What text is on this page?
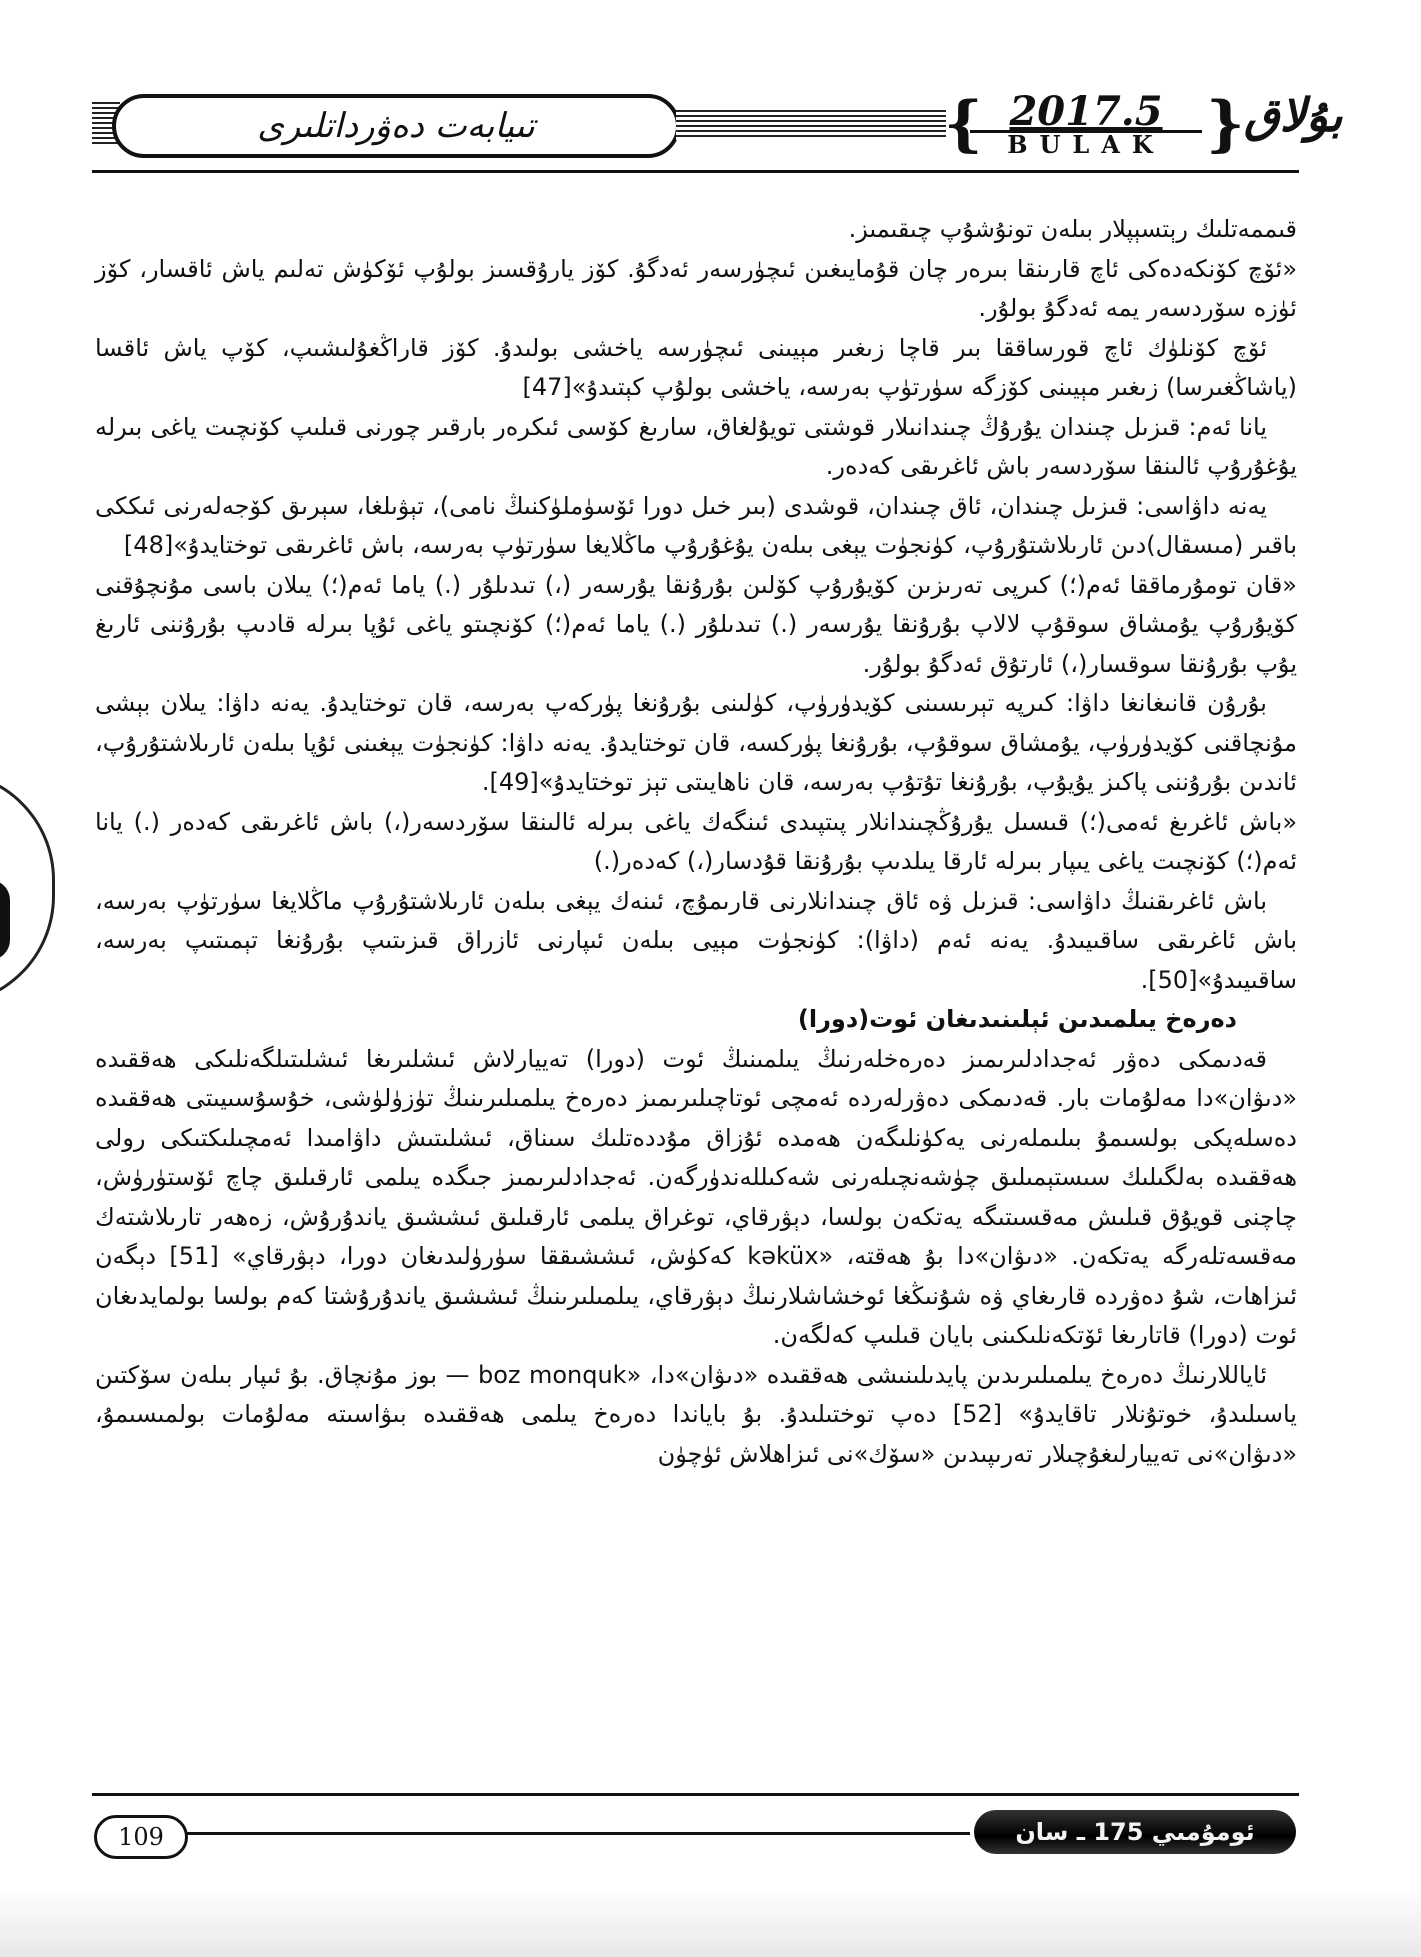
تىيابەت دەۋرداتلىرى	{ 2017.5
BULAK } بۇلاق

قىممەتلىك رېتسېپلار بىلەن تونۇشۇپ چىقىمىز.

«ئۆچ كۆنكەدەكى ئاچ قارىنقا بىرەر چان قۇمايىغىن ئىچۈرسەر ئەدگۇ. كۆز يارۇقسىز بولۇپ ئۆكۈش تەلىم ياش ئاقسار، كۆز ئۈزە سۆردسەر يمە ئەدگۇ بولۇر.

ئۆچ كۆنلۈك ئاچ قورساققا بىر قاچا زىغىر مېيىنى ئىچۈرسە ياخشى بولىدۇ. كۆز قاراڭغۇلىشىپ، كۆپ ياش ئاقسا (ياشاڭغىرسا) زىغىر مېيىنى كۆزگە سۈرتۈپ بەرسە، ياخشى بولۇپ كېتىدۇ»[47]

يانا ئەم: قىزىل چىندان يۇرۇڭ چىندانىلار قوشتى تويۇلغاق، سارىغ كۆسى ئىكرەر بارقىر چورنى قىلىپ كۆنچىت ياغى بىرلە يۇغۇرۇپ ئالىنقا سۆردسەر باش ئاغرىقى كەدەر.

يەنە داۋاسى: قىزىل چىندان، ئاق چىندان، قوشدى (بىر خىل دورا ئۆسۈملۈكنىڭ نامى)، تېۋىلغا، سېرىق كۆجەلەرنى ئىككى باقىر (مىسقال)دىن ئارىلاشتۇرۇپ، كۈنجۈت يېغى بىلەن يۇغۇرۇپ ماڭلايغا سۈرتۈپ بەرسە، باش ئاغرىقى توختايدۇ»[48]

«قان تومۇرماققا ئەم(؛) كىرپى تەرىزىن كۆيۇرۇپ كۆلىن بۇرۇنقا يۇرسەر (،) تىدىلۇر (.) ياما ئەم(؛) يىلان باسى مۇنچۇقنى كۆيۇرۇپ يۇمشاق سوقۇپ لالاپ بۇرۇنقا يۇرسەر (.) تىدىلۇر (.) ياما ئەم(؛) كۆنچىتو ياغى ئۇپا بىرلە قادىپ بۇرۇننى ئارىغ يۇپ بۇرۇنقا سوقسار(،) ئارتۇق ئەدگۇ بولۇر.

بۇرۇن قانىغانغا داۋا: كىرپە تېرىسىنى كۆيدۈرۈپ، كۈلىنى بۇرۇنغا پۈركەپ بەرسە، قان توختايدۇ. يەنە داۋا: يىلان بېشى مۇنچاقنى كۆيدۈرۈپ، يۇمشاق سوقۇپ، بۇرۇنغا پۈركسە، قان توختايدۇ. يەنە داۋا: كۈنجۈت يېغىنى ئۇپا بىلەن ئارىلاشتۇرۇپ، ئاندىن بۇرۇننى پاكىز يۇيۇپ، بۇرۇنغا تۇتۇپ بەرسە، قان ناھايىتى تېز توختايدۇ»[49].

«باش ئاغرىغ ئەمى(؛) قىسىل يۇرۇڭچىندانلار پىتپىدى ئىنگەك ياغى بىرلە ئالىنقا سۆردسەر(،) باش ئاغرىقى كەدەر (.) يانا ئەم(؛) كۆنچىت ياغى يىپار بىرلە ئارقا يىلدىپ بۇرۇنقا قۇدسار(،) كەدەر(.)

باش ئاغرىقنىڭ داۋاسى: قىزىل ۋە ئاق چىندانلارنى قارىمۇچ، ئىنەك يېغى بىلەن ئارىلاشتۇرۇپ ماڭلايغا سۈرتۈپ بەرسە، باش ئاغرىقى ساقىيىدۇ. يەنە ئەم (داۋا): كۈنجۈت مېيى بىلەن ئىپارنى ئازراق قىزىتىپ بۇرۇنغا تېمىتىپ بەرسە، ساقىيىدۇ»[50].

دەرەخ يىلمىدىن ئېلىنىدىغان ئوت(دورا)

قەدىمكى دەۋر ئەجدادلىرىمىز دەرەخلەرنىڭ يىلمىنىڭ ئوت (دورا) تەييارلاش ئىشلىرىغا ئىشلىتىلگەنلىكى ھەققىدە «دىۋان»دا مەلۇمات بار. قەدىمكى دەۋرلەردە ئەمچى ئوتاچىلىرىمىز دەرەخ يىلمىلىرىنىڭ تۈزۈلۈشى، خۇسۇسىيىتى ھەققىدە دەسلەپكى بولسىمۇ بىلىملەرنى يەكۈنلىگەن ھەمدە ئۇزاق مۇددەتلىك سىناق، ئىشلىتىش داۋامىدا ئەمچىلىكتىكى رولى ھەققىدە بەلگىلىك سىستېمىلىق چۈشەنچىلەرنى شەكىللەندۈرگەن. ئەجدادلىرىمىز جىگدە يىلمى ئارقىلىق چاچ ئۆستۈرۈش، چاچنى قويۇق قىلىش مەقسىتىگە يەتكەن بولسا، دېۋرقاي، توغراق يىلمى ئارقىلىق ئىششىق ياندۇرۇش، زەھەر تارىلاشتەك مەقسەتلەرگە يەتكەن. «دىۋان»دا بۇ ھەقتە، «kəküx كەكۈش، ئىششىققا سۈرۈلىدىغان دورا، دېۋرقاي» [51] دېگەن ئىزاھات، شۇ دەۋردە قارىغاي ۋە شۇنىڭغا ئوخشاشلارنىڭ دېۋرقاي، يىلمىلىرىنىڭ ئىششىق ياندۇرۇشتا كەم بولسا بولمايدىغان ئوت (دورا) قاتارىغا ئۆتكەنلىكىنى بايان قىلىپ كەلگەن.

ئاياللارنىڭ دەرەخ يىلمىلىرىدىن پايدىلىنىشى ھەققىدە «دىۋان»دا، «boz monquk — بوز مۇنچاق. بۇ ئىپار بىلەن سۆكتىن ياسىلىدۇ، خوتۇنلار تاقايدۇ» [52] دەپ توختىلىدۇ. بۇ باياندا دەرەخ يىلمى ھەققىدە بىۋاسىتە مەلۇمات بولمىسىمۇ، «دىۋان»نى تەييارلىغۇچىلار تەرىپىدىن «سۆك»نى ئىزاھلاش ئۈچۈن

109	ئومۇمىي 175 ـ سان
